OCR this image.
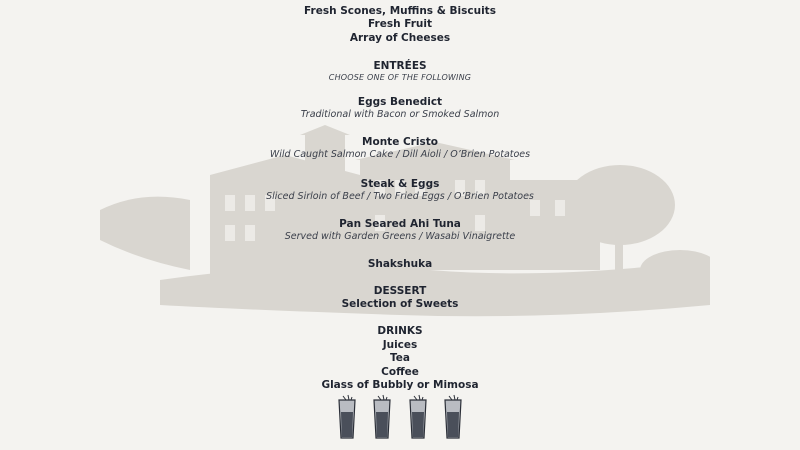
Fresh Scones, Muffins & Biscuits
Fresh Fruit
Array of Cheeses
ENTRÉES
CHOOSE ONE OF THE FOLLOWING
Eggs Benedict
Traditional with Bacon or Smoked Salmon
Monte Cristo
Wild Caught Salmon Cake / Dill Aioli / O’Brien Potatoes
Steak & Eggs
Sliced Sirloin of Beef / Two Fried Eggs / O’Brien Potatoes
Pan Seared Ahi Tuna
Served with Garden Greens / Wasabi Vinaigrette
Shakshuka
DESSERT
Selection of Sweets
DRINKS
Juices
Tea
Coffee
Glass of Bubbly or Mimosa
